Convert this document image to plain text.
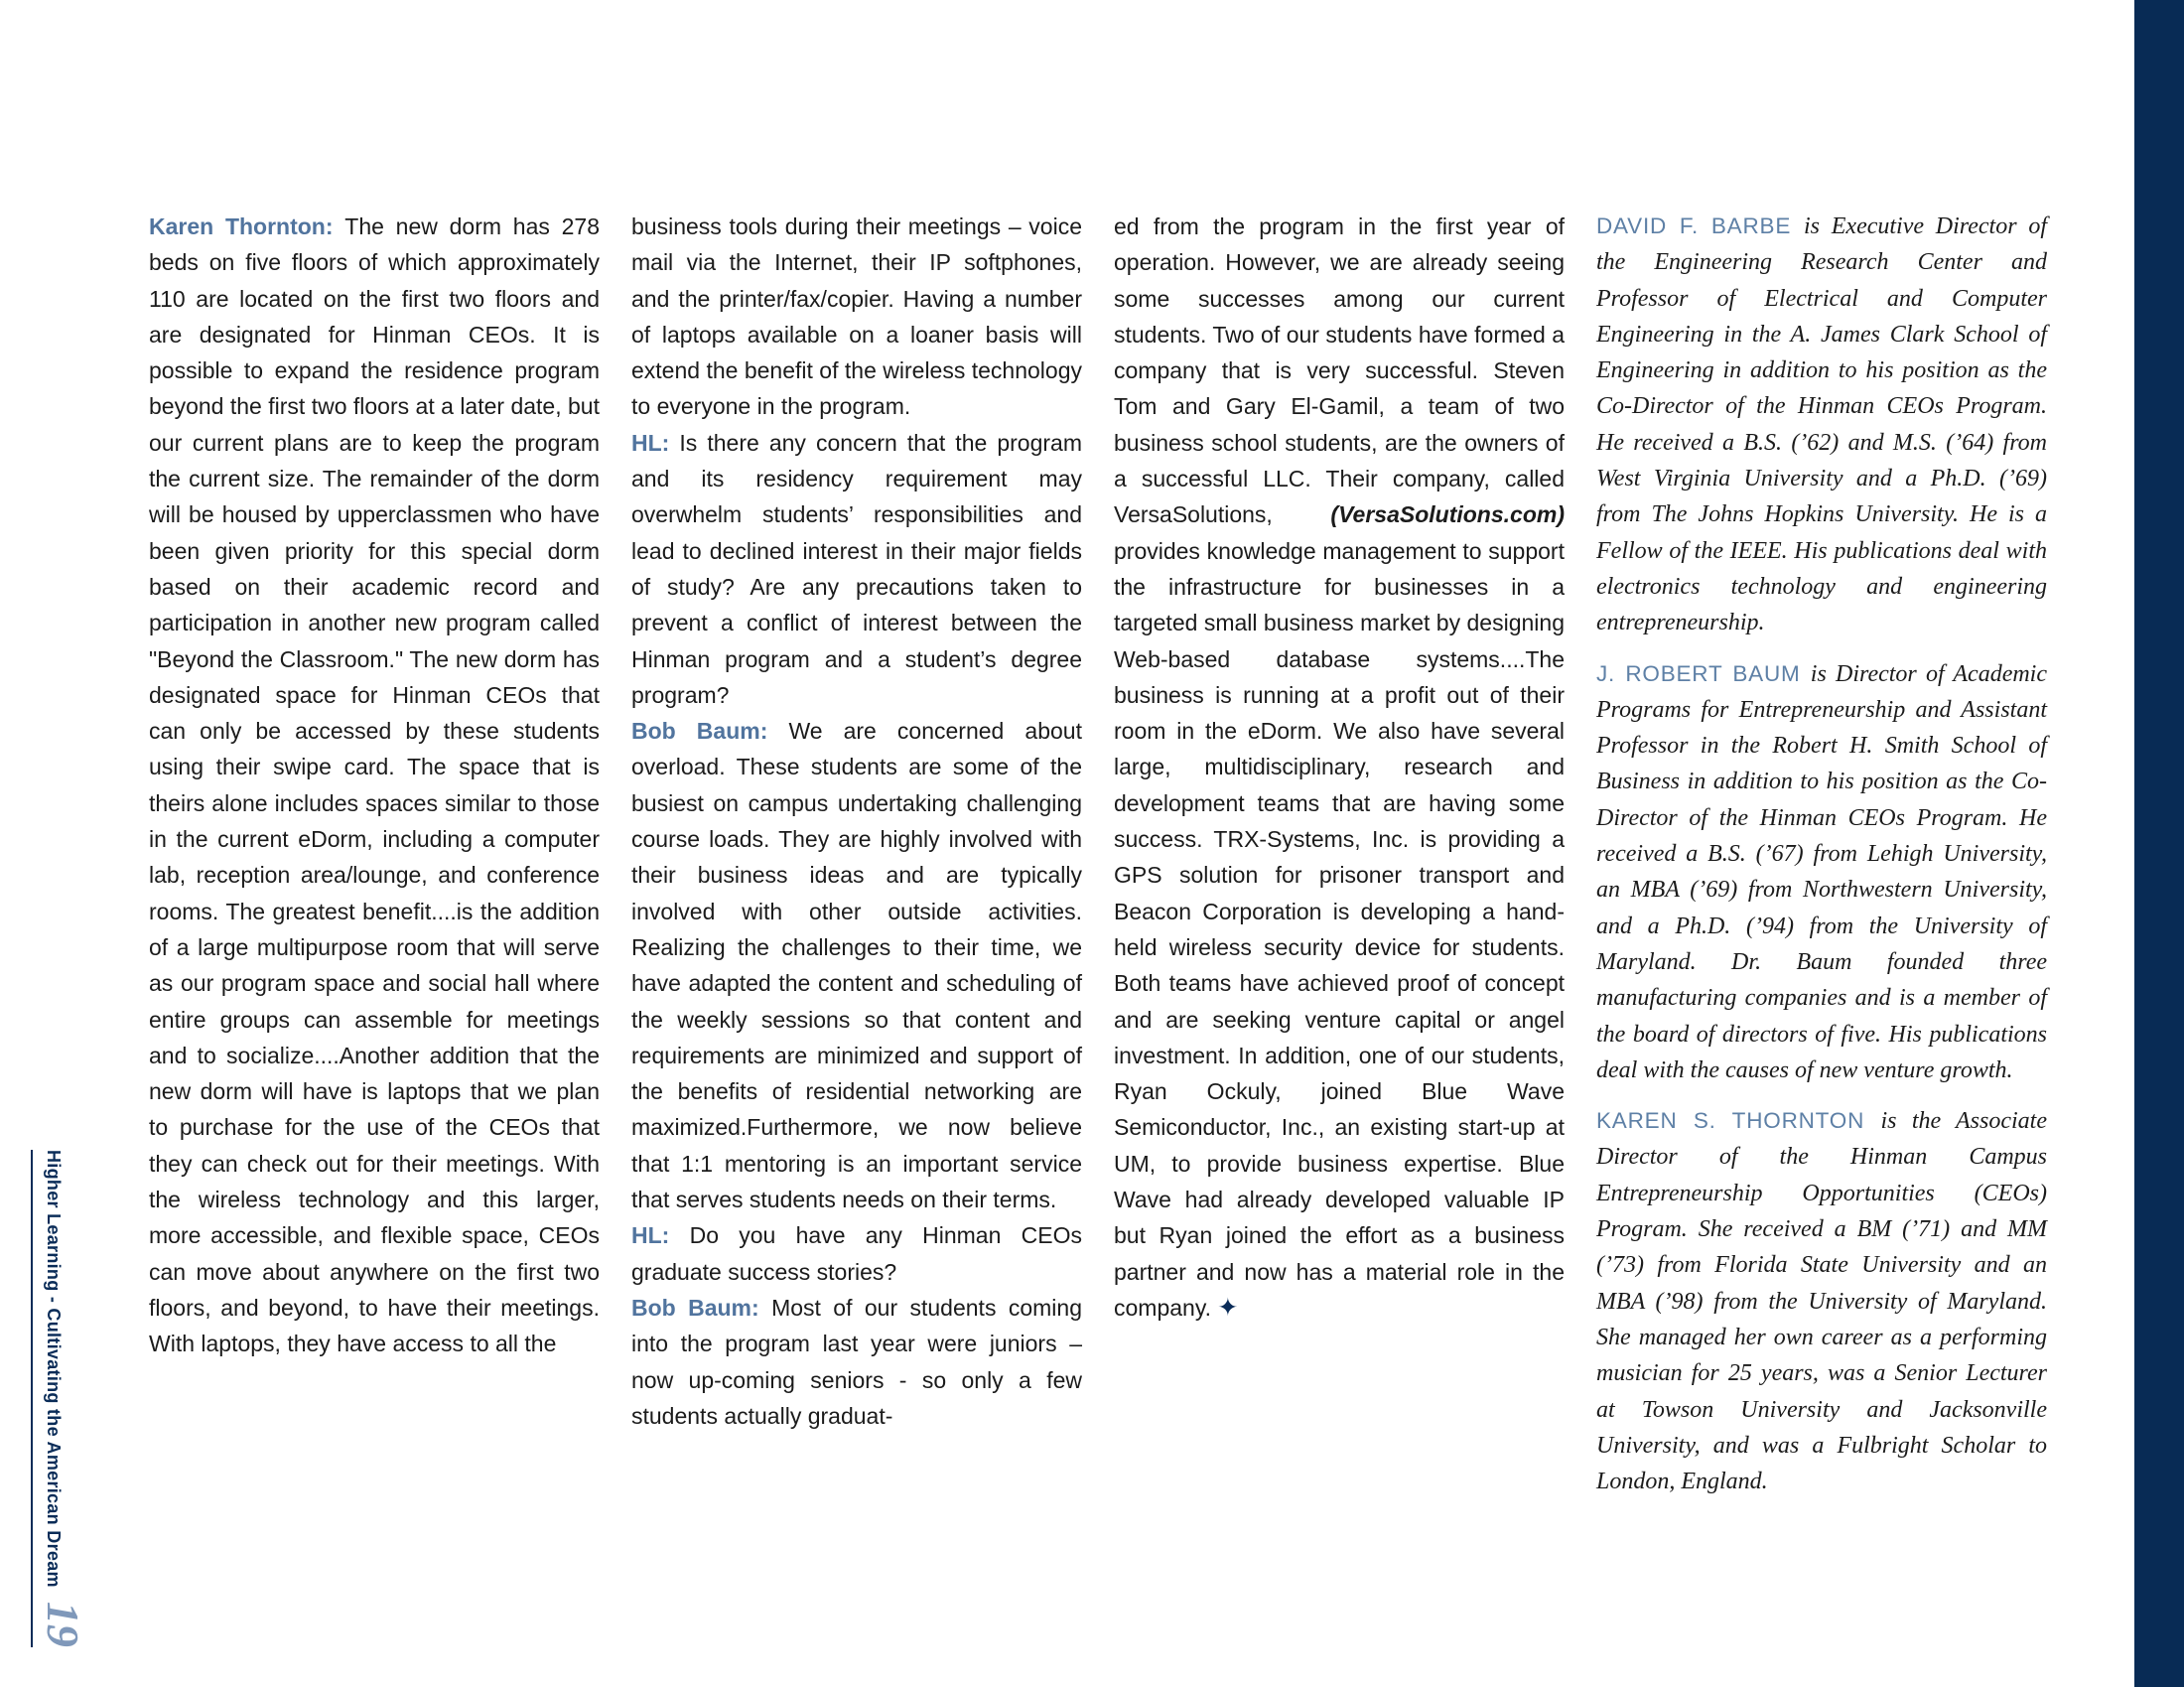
Higher Learning - Cultivating the American Dream
19

Karen Thornton: The new dorm has 278 beds on five floors of which approximately 110 are located on the first two floors and are designated for Hinman CEOs. It is possible to expand the residence program beyond the first two floors at a later date, but our current plans are to keep the program the current size. The remainder of the dorm will be housed by upperclassmen who have been given priority for this special dorm based on their academic record and participation in another new program called "Beyond the Classroom." The new dorm has designated space for Hinman CEOs that can only be accessed by these students using their swipe card. The space that is theirs alone includes spaces similar to those in the current eDorm, including a computer lab, reception area/lounge, and conference rooms. The greatest benefit....is the addition of a large multipurpose room that will serve as our program space and social hall where entire groups can assemble for meetings and to socialize....Another addition that the new dorm will have is laptops that we plan to purchase for the use of the CEOs that they can check out for their meetings. With the wireless technology and this larger, more accessible, and flexible space, CEOs can move about anywhere on the first two floors, and beyond, to have their meetings. With laptops, they have access to all the

business tools during their meetings – voice mail via the Internet, their IP softphones, and the printer/fax/copier. Having a number of laptops available on a loaner basis will extend the benefit of the wireless technology to everyone in the program.

HL: Is there any concern that the program and its residency requirement may overwhelm students’ responsibilities and lead to declined interest in their major fields of study? Are any precautions taken to prevent a conflict of interest between the Hinman program and a student’s degree program?

Bob Baum: We are concerned about overload. These students are some of the busiest on campus undertaking challenging course loads. They are highly involved with their business ideas and are typically involved with other outside activities. Realizing the challenges to their time, we have adapted the content and scheduling of the weekly sessions so that content and requirements are minimized and support of the benefits of residential networking are maximized.Furthermore, we now believe that 1:1 mentoring is an important service that serves students needs on their terms.

HL: Do you have any Hinman CEOs graduate success stories?

Bob Baum: Most of our students coming into the program last year were juniors – now up-coming seniors - so only a few students actually graduat-

ed from the program in the first year of operation. However, we are already seeing some successes among our current students. Two of our students have formed a company that is very successful. Steven Tom and Gary El-Gamil, a team of two business school students, are the owners of a successful LLC. Their company, called VersaSolutions, (VersaSolutions.com) provides knowledge management to support the infrastructure for businesses in a targeted small business market by designing Web-based database systems....The business is running at a profit out of their room in the eDorm. We also have several large, multidisciplinary, research and development teams that are having some success. TRX-Systems, Inc. is providing a GPS solution for prisoner transport and Beacon Corporation is developing a hand-held wireless security device for students. Both teams have achieved proof of concept and are seeking venture capital or angel investment. In addition, one of our students, Ryan Ockuly, joined Blue Wave Semiconductor, Inc., an existing start-up at UM, to provide business expertise. Blue Wave had already developed valuable IP but Ryan joined the effort as a business partner and now has a material role in the company. ✦

DAVID F. BARBE is Executive Director of the Engineering Research Center and Professor of Electrical and Computer Engineering in the A. James Clark School of Engineering in addition to his position as the Co-Director of the Hinman CEOs Program. He received a B.S. (’62) and M.S. (’64) from West Virginia University and a Ph.D. (’69) from The Johns Hopkins University. He is a Fellow of the IEEE. His publications deal with electronics technology and engineering entrepreneurship.

J. ROBERT BAUM is Director of Academic Programs for Entrepreneurship and Assistant Professor in the Robert H. Smith School of Business in addition to his position as the Co-Director of the Hinman CEOs Program. He received a B.S. (’67) from Lehigh University, an MBA (’69) from Northwestern University, and a Ph.D. (’94) from the University of Maryland. Dr. Baum founded three manufacturing companies and is a member of the board of directors of five. His publications deal with the causes of new venture growth.

KAREN S. THORNTON is the Associate Director of the Hinman Campus Entrepreneurship Opportunities (CEOs) Program. She received a BM (’71) and MM (’73) from Florida State University and an MBA (’98) from the University of Maryland. She managed her own career as a performing musician for 25 years, was a Senior Lecturer at Towson University and Jacksonville University, and was a Fulbright Scholar to London, England.
